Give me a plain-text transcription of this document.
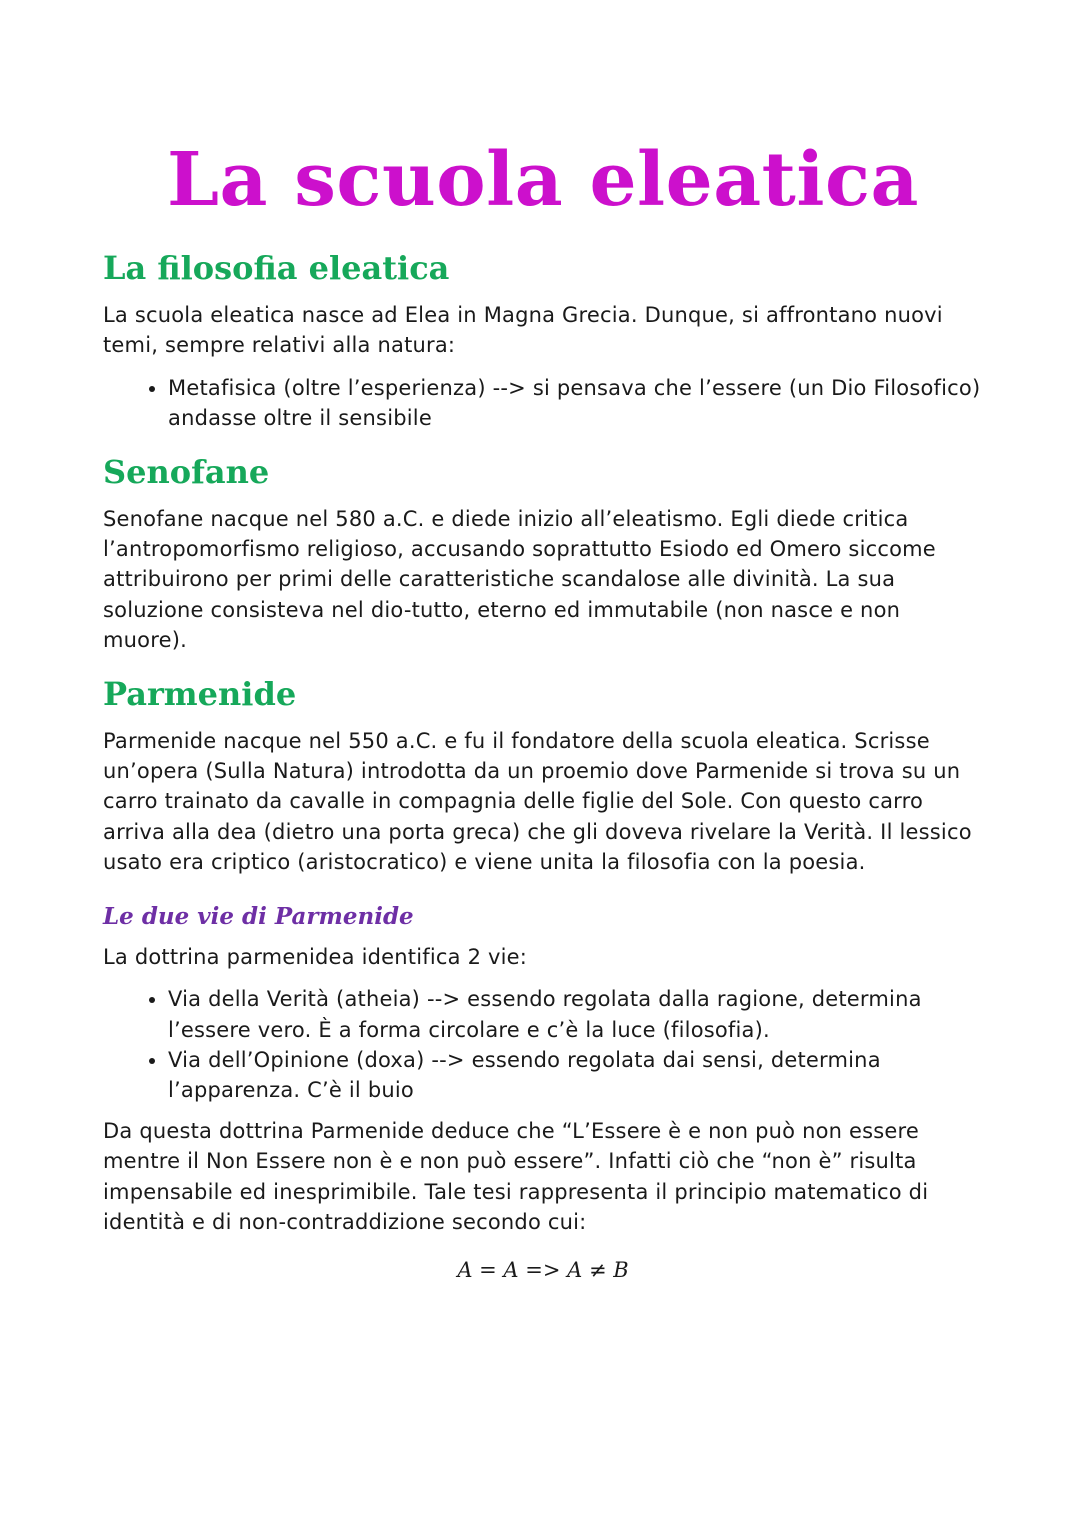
La scuola eleatica
La filosofia eleatica

La scuola eleatica nasce ad Elea in Magna Grecia. Dunque, si affrontano nuovi temi, sempre relativi alla natura:

• Metafisica (oltre l’esperienza) --> si pensava che l’essere (un Dio Filosofico) andasse oltre il sensibile
Senofane

Senofane nacque nel 580 a.C. e diede inizio all’eleatismo. Egli diede critica l’antropomorfismo religioso, accusando soprattutto Esiodo ed Omero siccome attribuirono per primi delle caratteristiche scandalose alle divinità. La sua soluzione consisteva nel dio-tutto, eterno ed immutabile (non nasce e non muore).

Parmenide

Parmenide nacque nel 550 a.C. e fu il fondatore della scuola eleatica. Scrisse un’opera (Sulla Natura) introdotta da un proemio dove Parmenide si trova su un carro trainato da cavalle in compagnia delle figlie del Sole. Con questo carro arriva alla dea (dietro una porta greca) che gli doveva rivelare la Verità. Il lessico usato era criptico (aristocratico) e viene unita la filosofia con la poesia.

Le due vie di Parmenide

La dottrina parmenidea identifica 2 vie:

• Via della Verità (atheia) --> essendo regolata dalla ragione, determina l’essere vero. È a forma circolare e c’è la luce (filosofia).
• Via dell’Opinione (doxa) --> essendo regolata dai sensi, determina l’apparenza. C’è il buio

Da questa dottrina Parmenide deduce che “L’Essere è e non può non essere mentre il Non Essere non è e non può essere”. Infatti ciò che “non è” risulta impensabile ed inesprimibile. Tale tesi rappresenta il principio matematico di identità e di non-contraddizione secondo cui:

A = A => A ≠ B
